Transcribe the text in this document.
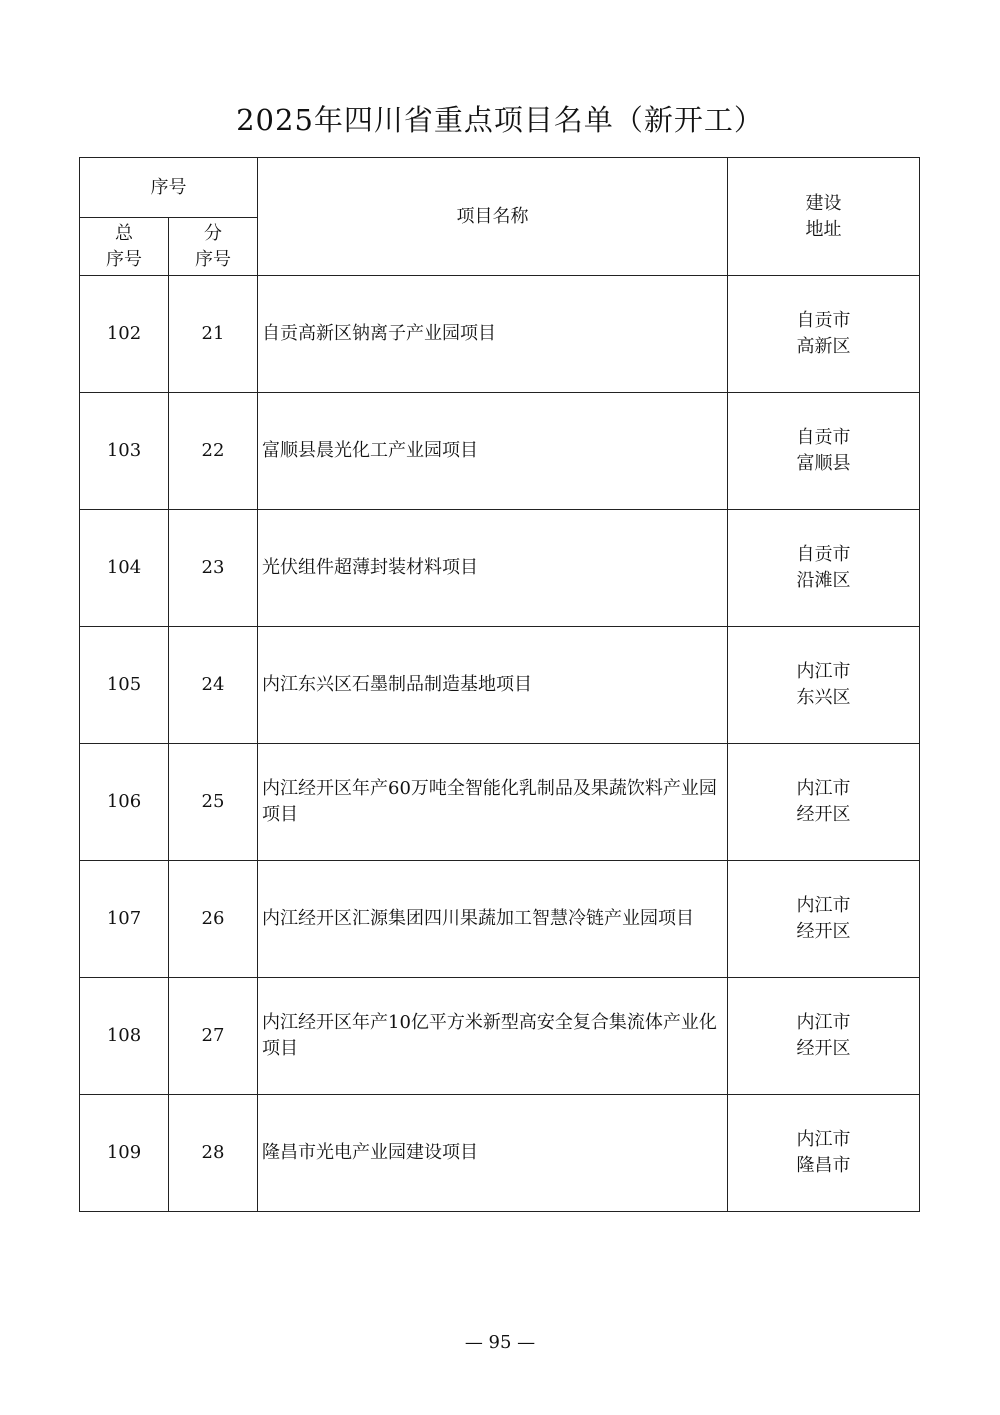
2025年四川省重点项目名单（新开工）
序号		项目名称	建设
地址

总
序号	分
序号		

102	21	自贡高新区钠离子产业园项目	自贡市
高新区

103	22	富顺县晨光化工产业园项目	自贡市
富顺县

104	23	光伏组件超薄封装材料项目	自贡市
沿滩区

105	24	内江东兴区石墨制品制造基地项目	内江市
东兴区

106	25	内江经开区年产60万吨全智能化乳制品及果蔬饮料产业园项目	内江市
经开区

107	26	内江经开区汇源集团四川果蔬加工智慧冷链产业园项目	内江市
经开区

108	27	内江经开区年产10亿平方米新型高安全复合集流体产业化项目	内江市
经开区

109	28	隆昌市光电产业园建设项目	内江市
隆昌市
— 95 —
